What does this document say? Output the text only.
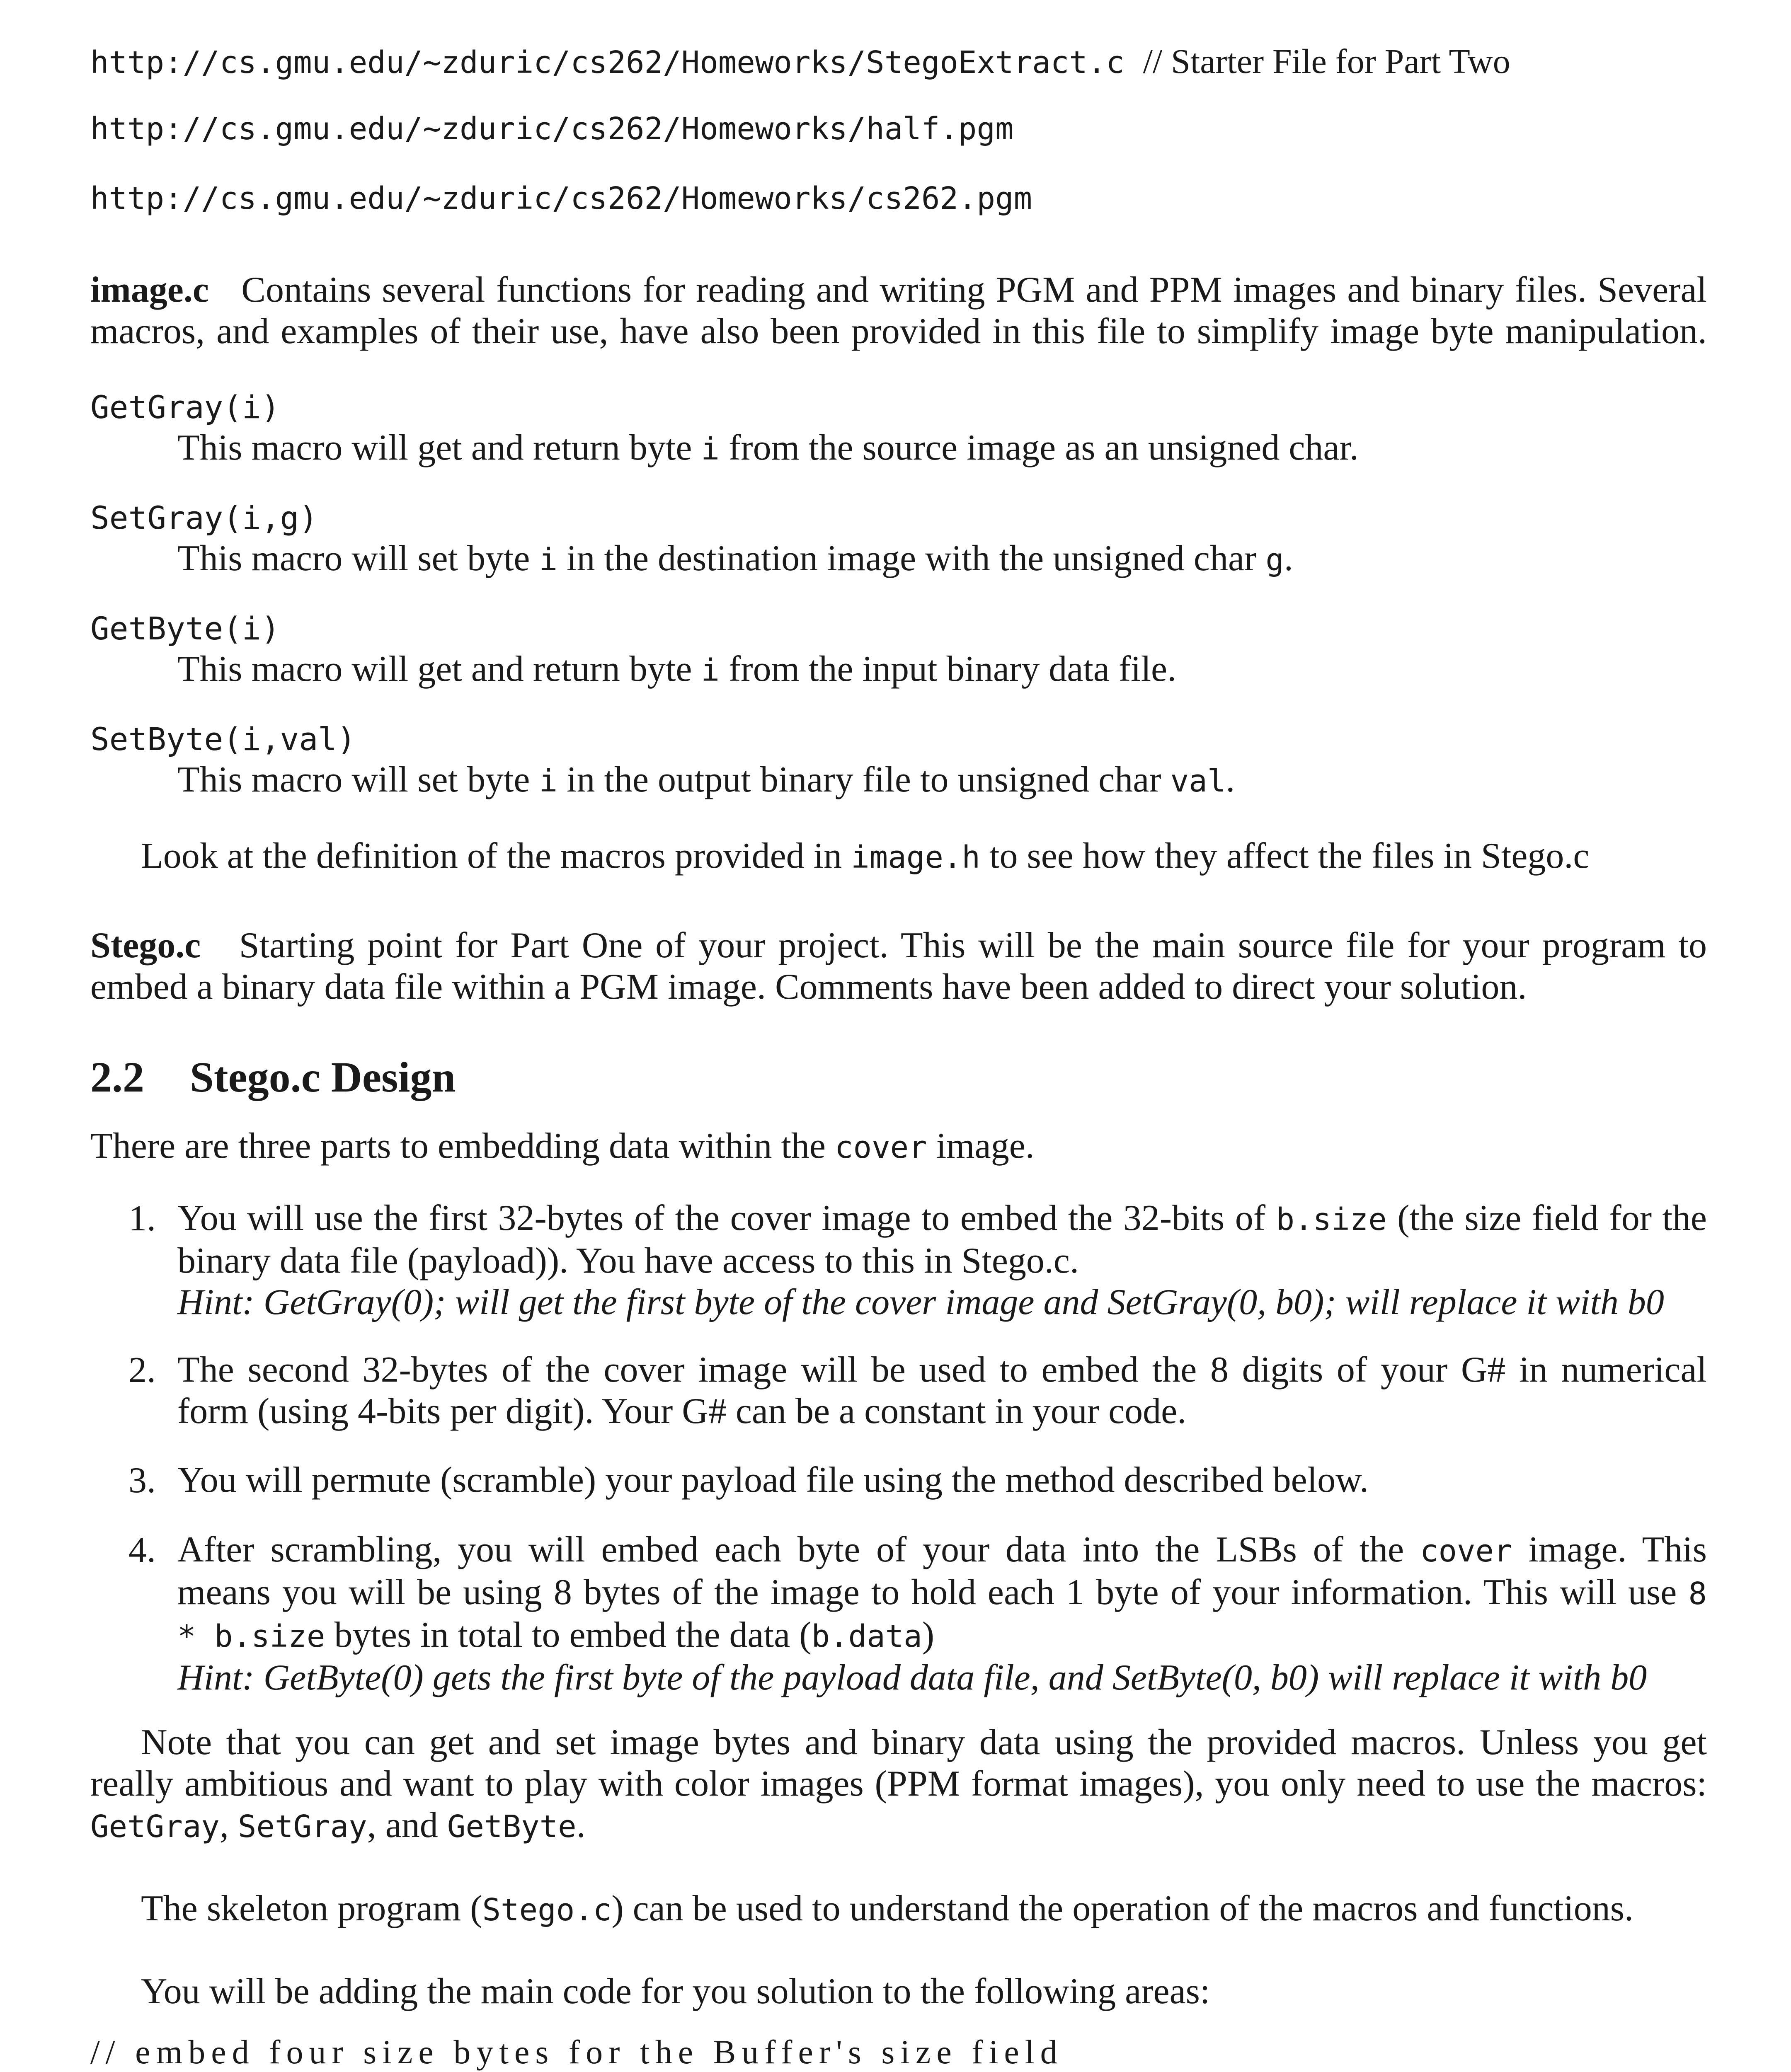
http://cs.gmu.edu/~zduric/cs262/Homeworks/StegoExtract.c // Starter File for Part Two
http://cs.gmu.edu/~zduric/cs262/Homeworks/half.pgm
http://cs.gmu.edu/~zduric/cs262/Homeworks/cs262.pgm
image.c Contains several functions for reading and writing PGM and PPM images and binary files. Several
macros, and examples of their use, have also been provided in this file to simplify image byte manipulation.
GetGray(i)
This macro will get and return byte i from the source image as an unsigned char.
SetGray(i,g)
This macro will set byte i in the destination image with the unsigned char g.
GetByte(i)
This macro will get and return byte i from the input binary data file.
SetByte(i,val)
This macro will set byte i in the output binary file to unsigned char val.
Look at the definition of the macros provided in image.h to see how they affect the files in Stego.c
Stego.c Starting point for Part One of your project. This will be the main source file for your program to
embed a binary data file within a PGM image. Comments have been added to direct your solution.
2.2 Stego.c Design
There are three parts to embedding data within the cover image.
1. You will use the first 32-bytes of the cover image to embed the 32-bits of b.size (the size field for the
binary data file (payload)). You have access to this in Stego.c.
Hint: GetGray(0); will get the first byte of the cover image and SetGray(0, b0); will replace it with b0
2. The second 32-bytes of the cover image will be used to embed the 8 digits of your G# in numerical
form (using 4-bits per digit). Your G# can be a constant in your code.
3. You will permute (scramble) your payload file using the method described below.
4. After scrambling, you will embed each byte of your data into the LSBs of the cover image. This
means you will be using 8 bytes of the image to hold each 1 byte of your information. This will use 8
* b.size bytes in total to embed the data (b.data)
Hint: GetByte(0) gets the first byte of the payload data file, and SetByte(0, b0) will replace it with b0
Note that you can get and set image bytes and binary data using the provided macros. Unless you get
really ambitious and want to play with color images (PPM format images), you only need to use the macros:
GetGray, SetGray, and GetByte.
The skeleton program (Stego.c) can be used to understand the operation of the macros and functions.
You will be adding the main code for you solution to the following areas:
// embed four size bytes for the Buffer's size field
